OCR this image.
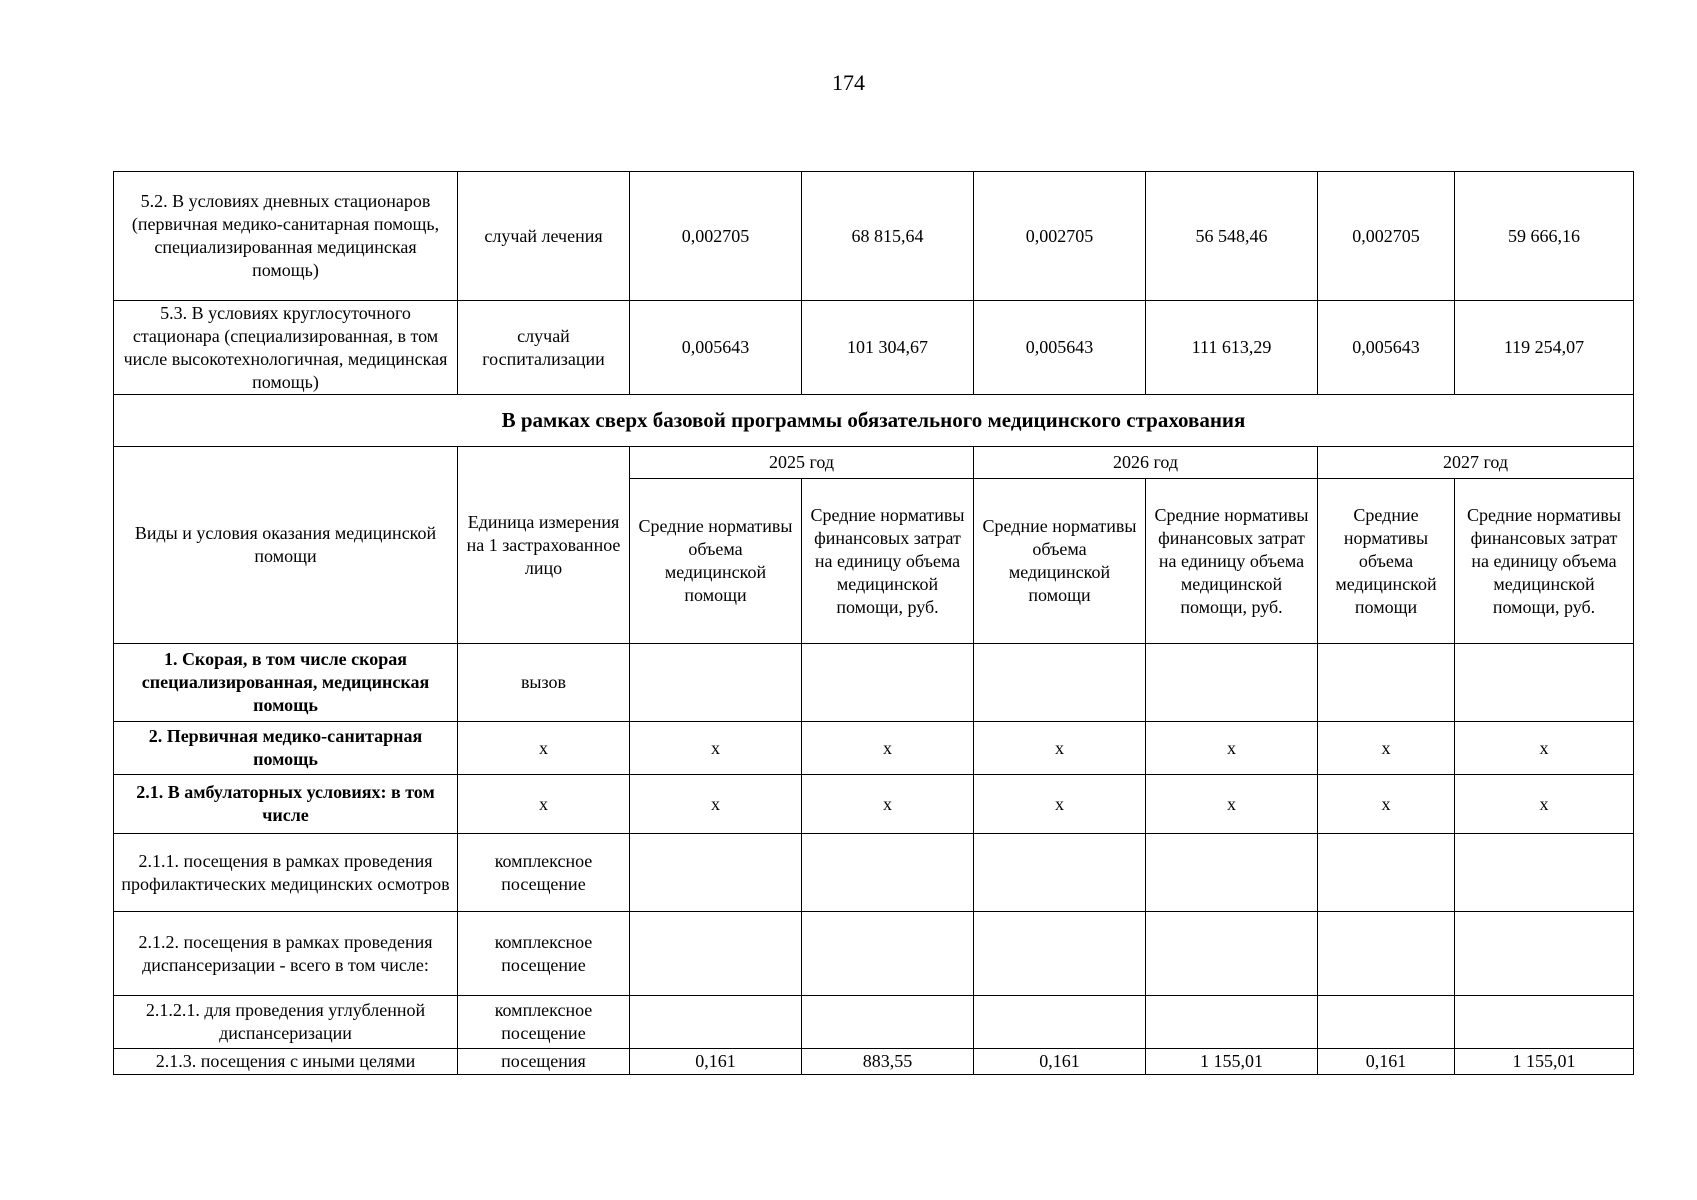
174
5.2. В условиях дневных стационаров (первичная медико-санитарная помощь, специализированная медицинская помощь)	случай лечения	0,002705	68 815,64	0,002705	56 548,46	0,002705	59 666,16
5.3. В условиях круглосуточного стационара (специализированная, в том числе высокотехнологичная, медицинская помощь)	случай госпитализации	0,005643	101 304,67	0,005643	111 613,29	0,005643	119 254,07
В рамках сверх базовой программы обязательного медицинского страхования							
Виды и условия оказания медицинской помощи	Единица измерения на 1 застрахованное лицо	2025 год		2026 год		2027 год	
		Средние нормативы объема медицинской помощи	Средние нормативы финансовых затрат на единицу объема медицинской помощи, руб.	Средние нормативы объема медицинской помощи	Средние нормативы финансовых затрат на единицу объема медицинской помощи, руб.	Средние нормативы объема медицинской помощи	Средние нормативы финансовых затрат на единицу объема медицинской помощи, руб.
1. Скорая, в том числе скорая специализированная, медицинская помощь	вызов						
2. Первичная медико-санитарная помощь	х	х	х	х	х	х	х
2.1. В амбулаторных условиях: в том числе	х	х	х	х	х	х	х
2.1.1. посещения в рамках проведения профилактических медицинских осмотров	комплексное посещение						
2.1.2. посещения в рамках проведения диспансеризации - всего в том числе:	комплексное посещение						
2.1.2.1. для проведения углубленной диспансеризации	комплексное посещение						
2.1.3. посещения с иными целями	посещения	0,161	883,55	0,161	1 155,01	0,161	1 155,01
